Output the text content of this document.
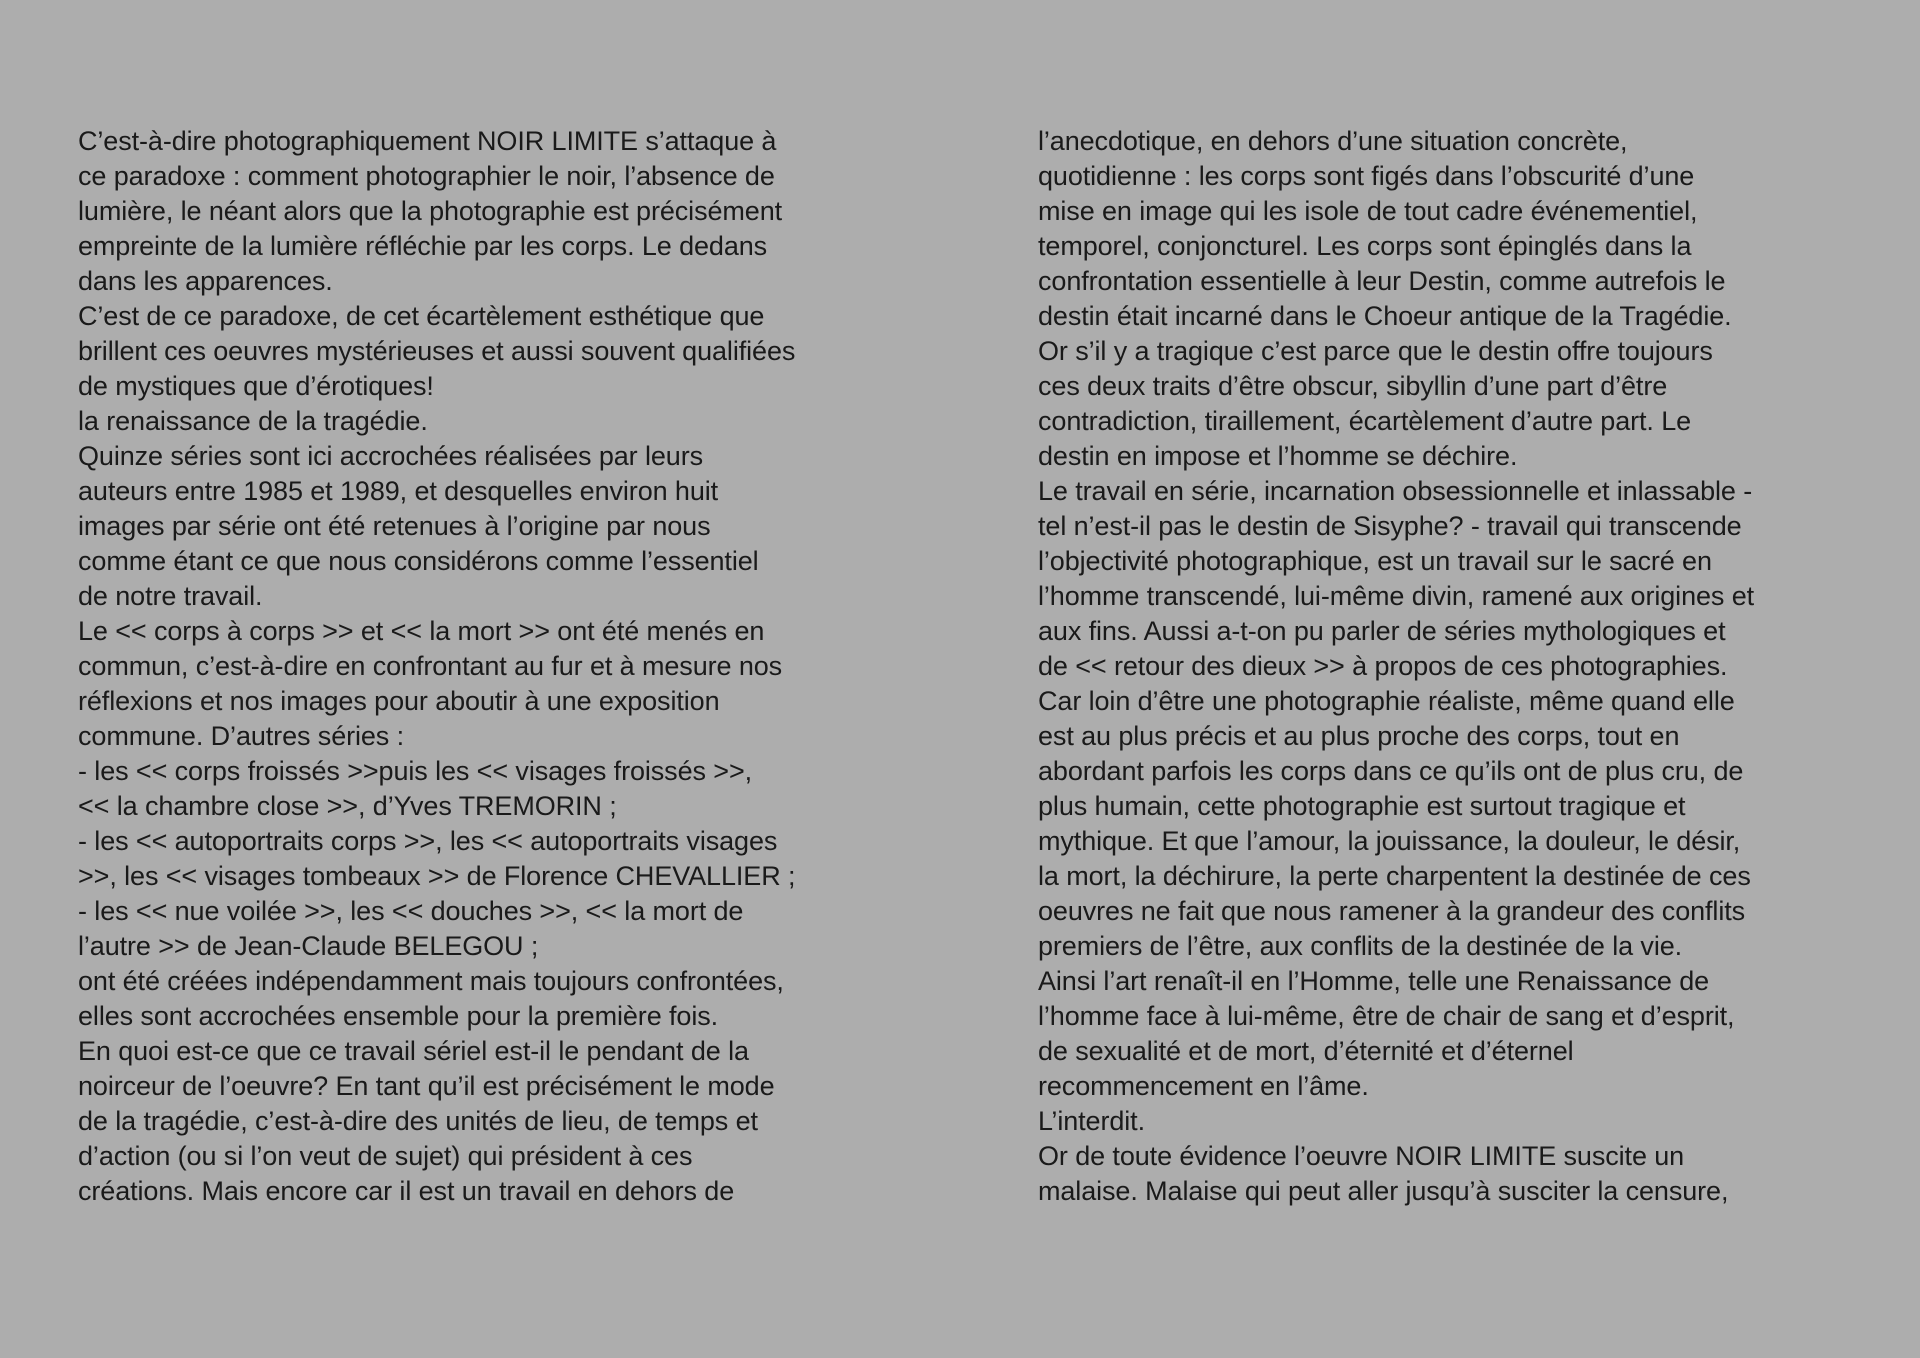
C’est-à-dire photographiquement NOIR LIMITE s’attaque à
ce paradoxe : comment photographier le noir, l’absence de
lumière, le néant alors que la photographie est précisément
empreinte de la lumière réfléchie par les corps. Le dedans
dans les apparences.
C’est de ce paradoxe, de cet écartèlement esthétique que
brillent ces oeuvres mystérieuses et aussi souvent qualifiées
de mystiques que d’érotiques!
la renaissance de la tragédie.
Quinze séries sont ici accrochées réalisées par leurs
auteurs entre 1985 et 1989, et desquelles environ huit
images par série ont été retenues à l’origine par nous
comme étant ce que nous considérons comme l’essentiel
de notre travail.
Le << corps à corps >> et << la mort >> ont été menés en
commun, c’est-à-dire en confrontant au fur et à mesure nos
réflexions et nos images pour aboutir à une exposition
commune. D’autres séries :
- les << corps froissés >>puis les << visages froissés >>,
<< la chambre close >>, d’Yves TREMORIN ;
- les << autoportraits corps >>, les << autoportraits visages
>>, les << visages tombeaux >> de Florence CHEVALLIER ;
- les << nue voilée >>, les << douches >>, << la mort de
l’autre >> de Jean-Claude BELEGOU ;
ont été créées indépendamment mais toujours confrontées,
elles sont accrochées ensemble pour la première fois.
En quoi est-ce que ce travail sériel est-il le pendant de la
noirceur de l’oeuvre? En tant qu’il est précisément le mode
de la tragédie, c’est-à-dire des unités de lieu, de temps et
d’action (ou si l’on veut de sujet) qui président à ces
créations. Mais encore car il est un travail en dehors de
l’anecdotique, en dehors d’une situation concrète,
quotidienne : les corps sont figés dans l’obscurité d’une
mise en image qui les isole de tout cadre événementiel,
temporel, conjoncturel. Les corps sont épinglés dans la
confrontation essentielle à leur Destin, comme autrefois le
destin était incarné dans le Choeur antique de la Tragédie.
Or s’il y a tragique c’est parce que le destin offre toujours
ces deux traits d’être obscur, sibyllin d’une part d’être
contradiction, tiraillement, écartèlement d’autre part. Le
destin en impose et l’homme se déchire.
Le travail en série, incarnation obsessionnelle et inlassable -
tel n’est-il pas le destin de Sisyphe? - travail qui transcende
l’objectivité photographique, est un travail sur le sacré en
l’homme transcendé, lui-même divin, ramené aux origines et
aux fins. Aussi a-t-on pu parler de séries mythologiques et
de << retour des dieux >> à propos de ces photographies.
Car loin d’être une photographie réaliste, même quand elle
est au plus précis et au plus proche des corps, tout en
abordant parfois les corps dans ce qu’ils ont de plus cru, de
plus humain, cette photographie est surtout tragique et
mythique. Et que l’amour, la jouissance, la douleur, le désir,
la mort, la déchirure, la perte charpentent la destinée de ces
oeuvres ne fait que nous ramener à la grandeur des conflits
premiers de l’être, aux conflits de la destinée de la vie.
Ainsi l’art renaît-il en l’Homme, telle une Renaissance de
l’homme face à lui-même, être de chair de sang et d’esprit,
de sexualité et de mort, d’éternité et d’éternel
recommencement en l’âme.
L’interdit.
Or de toute évidence l’oeuvre NOIR LIMITE suscite un
malaise. Malaise qui peut aller jusqu’à susciter la censure,
